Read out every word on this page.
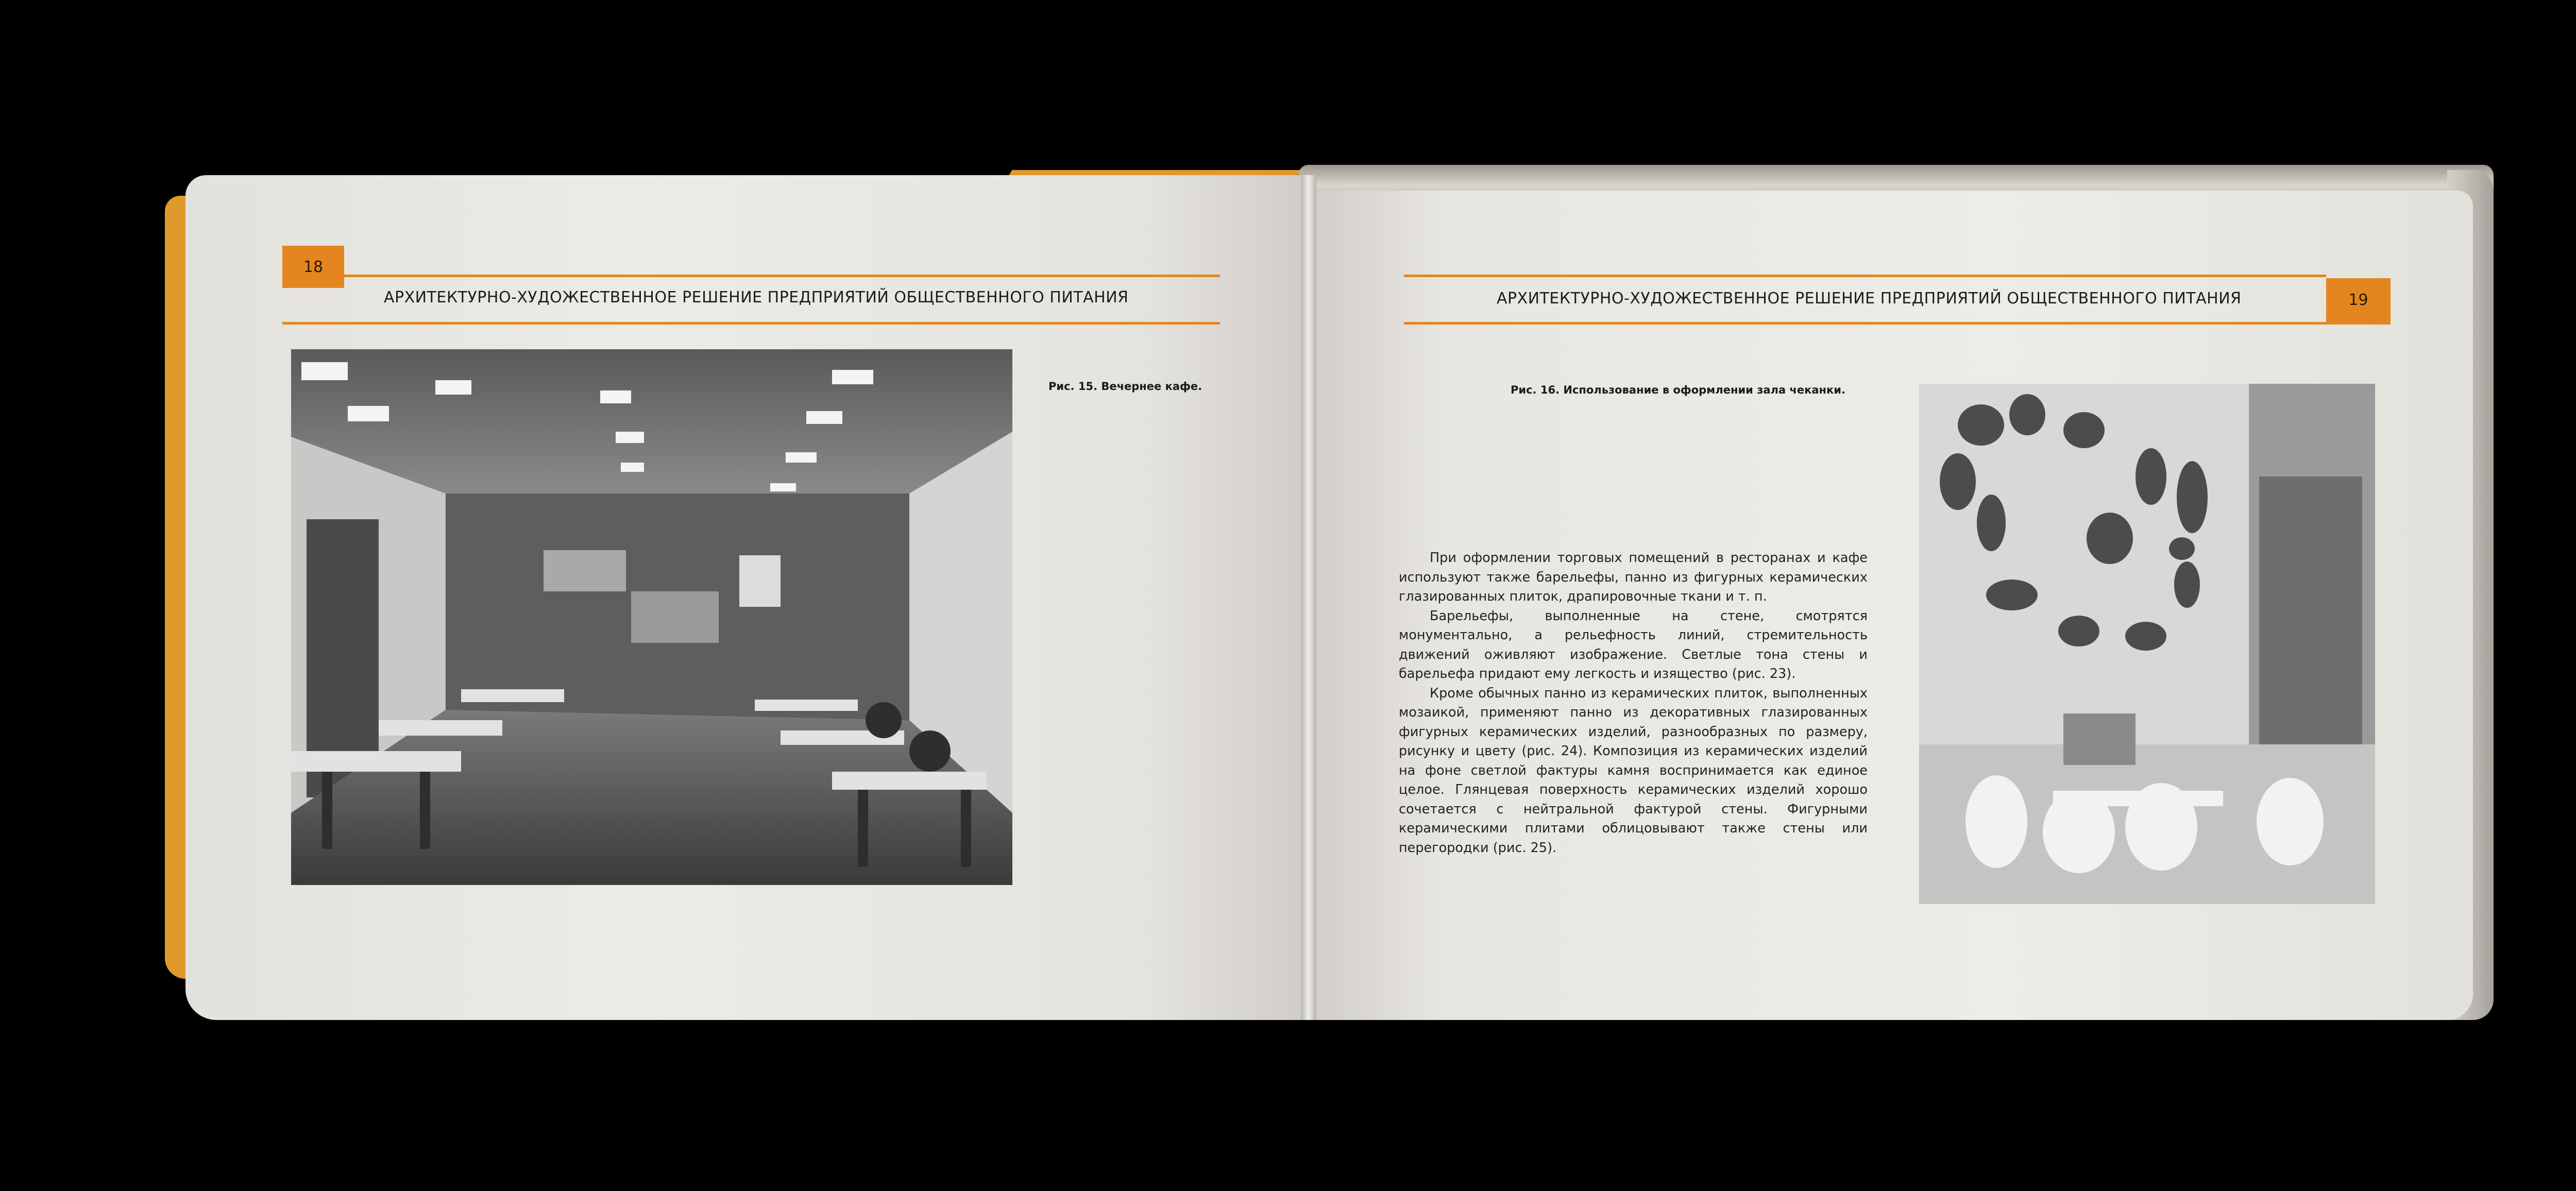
18
АРХИТЕКТУРНО-ХУДОЖЕСТВЕННОЕ РЕШЕНИЕ ПРЕДПРИЯТИЙ ОБЩЕСТВЕННОГО ПИТАНИЯ	19
АРХИТЕКТУРНО-ХУДОЖЕСТВЕННОЕ РЕШЕНИЕ ПРЕДПРИЯТИЙ ОБЩЕСТВЕННОГО ПИТАНИЯ
Рис. 15. Вечернее кафе.	Рис. 16. Использование в оформлении зала чеканки.

При оформлении торговых помещений в ресторанах и кафе используют также барельефы, панно из фигурных керамических глазированных плиток, драпировочные ткани и т. п.

Барельефы, выполненные на стене, смотрятся монументально, а рельефность линий, стремительность движений оживляют изображение. Светлые тона стены и барельефа придают ему легкость и изящество (рис. 23).

Кроме обычных панно из керамических плиток, выполненных мозаикой, применяют панно из декоративных глазированных фигурных керамических изделий, разнообразных по размеру, рисунку и цвету (рис. 24). Композиция из керамических изделий на фоне светлой фактуры камня воспринимается как единое целое. Глянцевая поверхность керамических изделий хорошо сочетается с нейтральной фактурой стены. Фигурными керамическими плитами облицовывают также стены или перегородки (рис. 25).
